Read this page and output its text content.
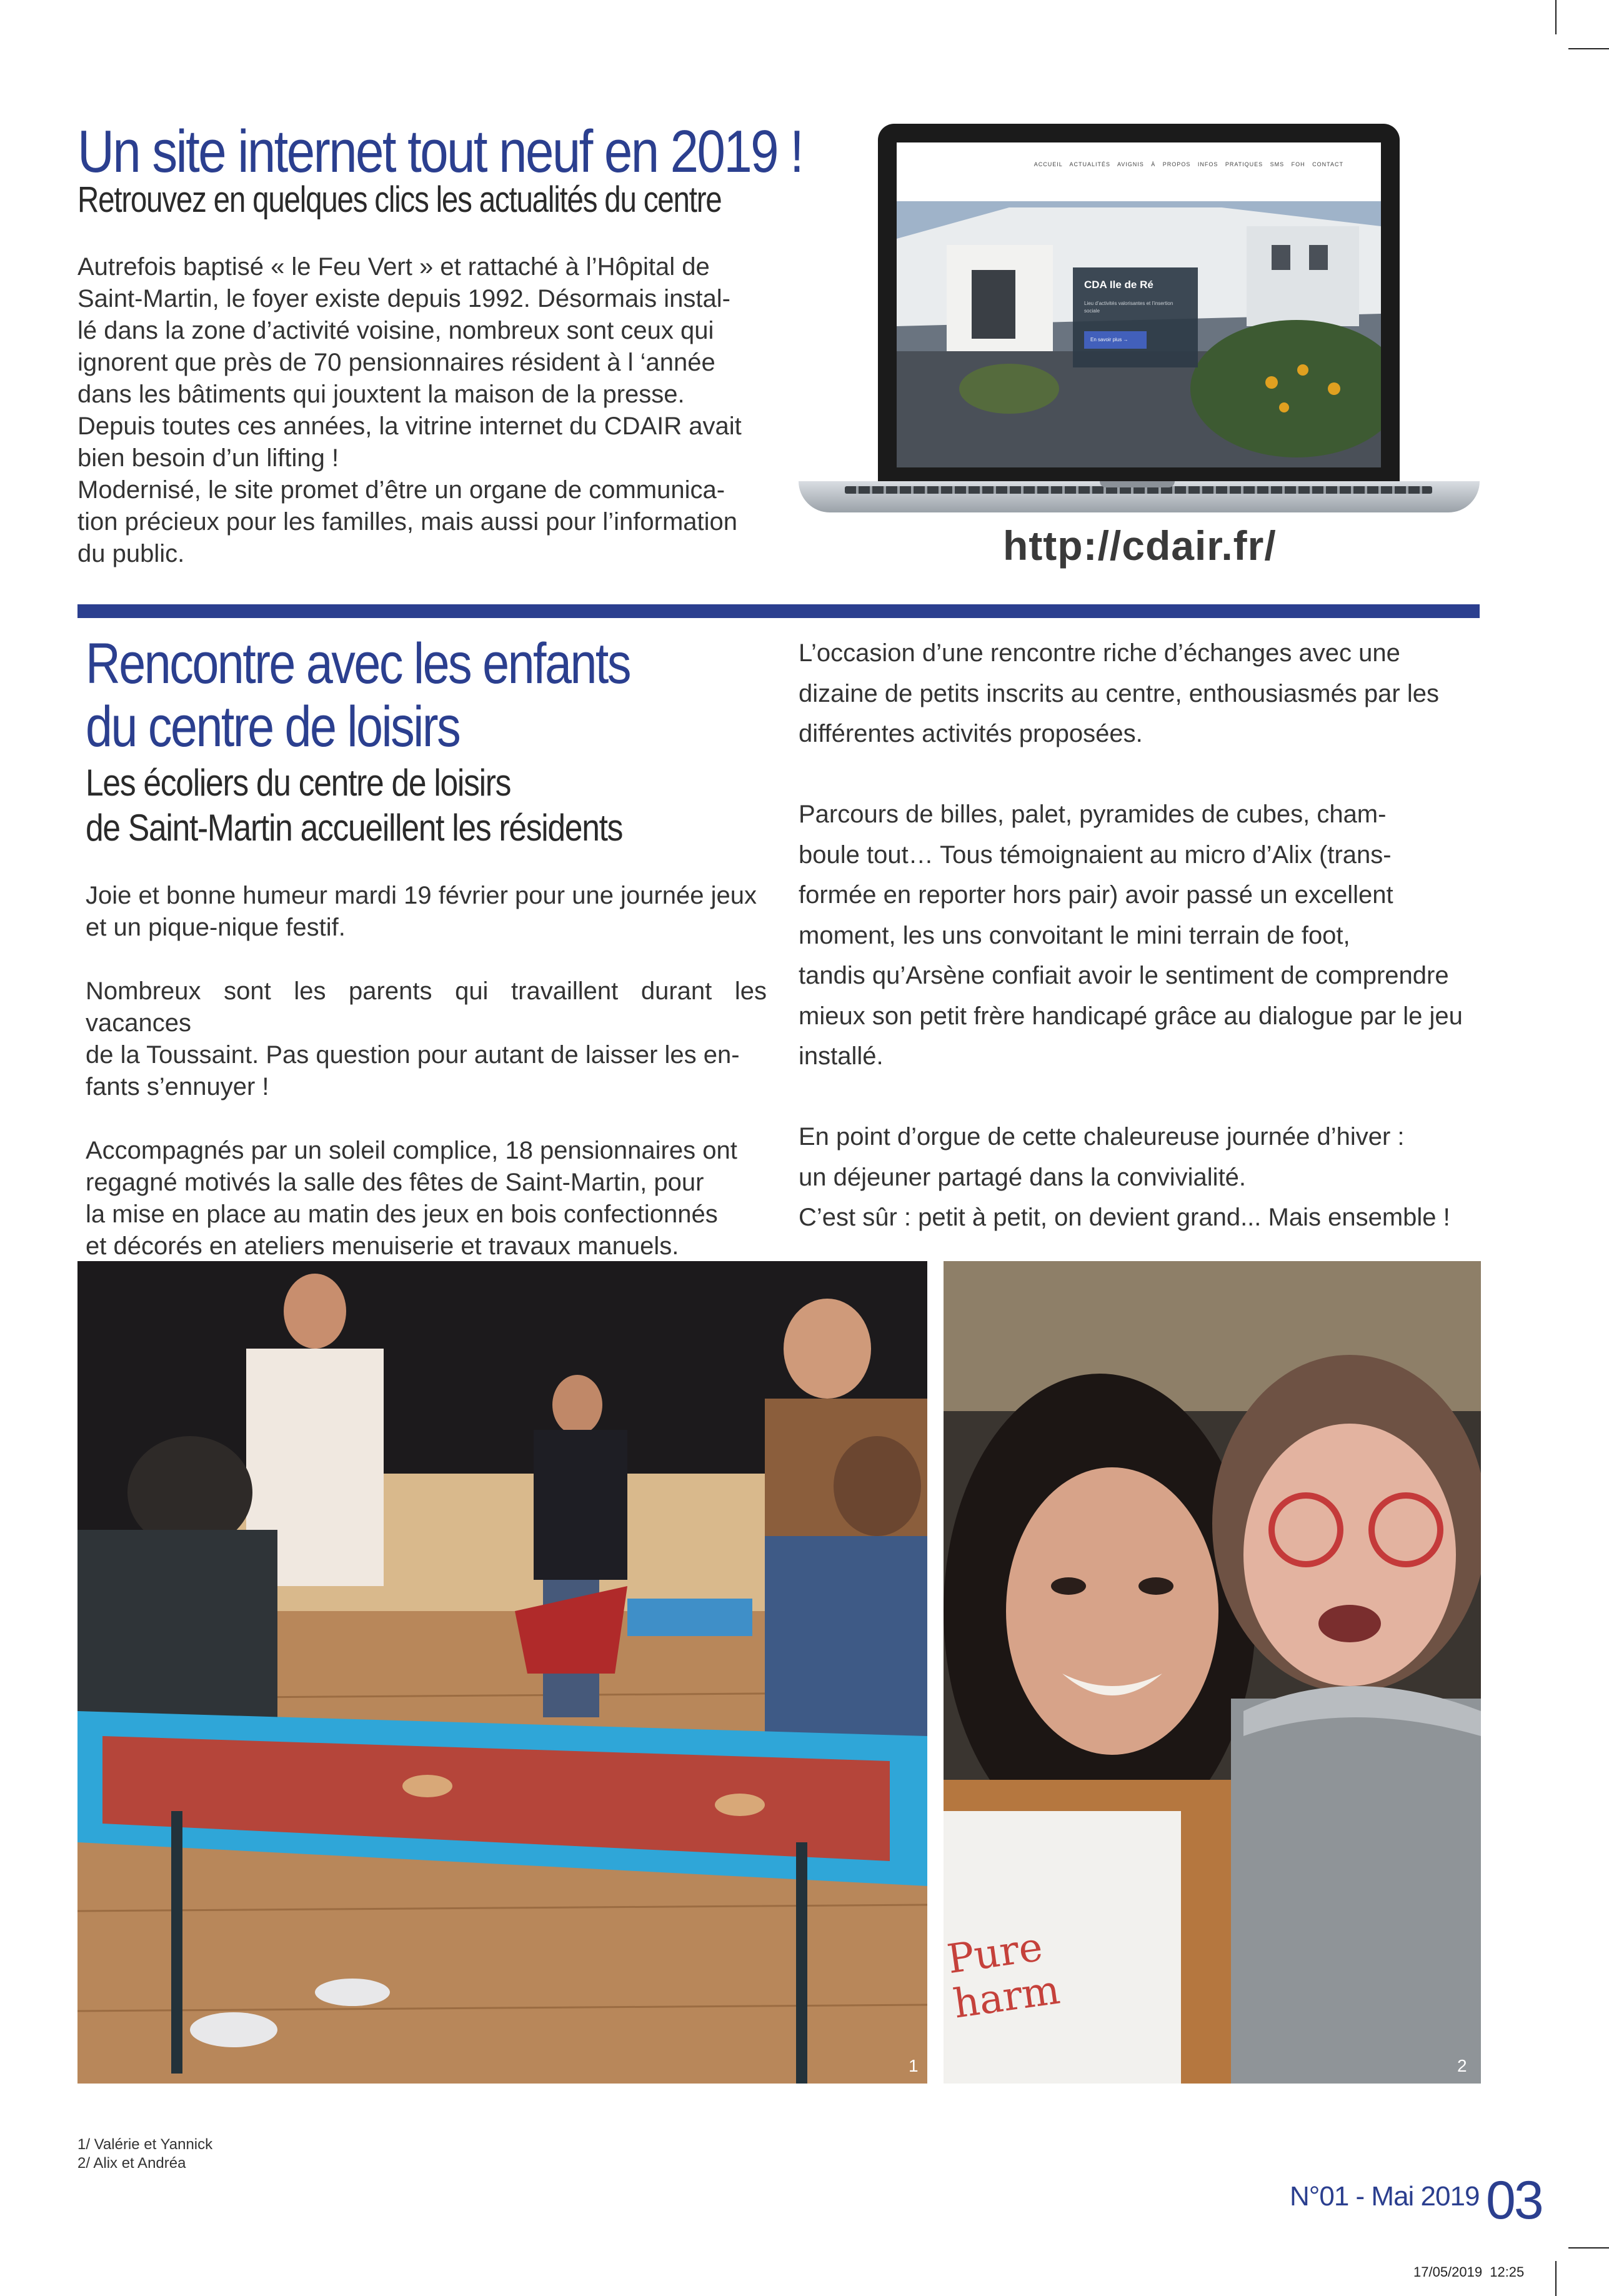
Un site internet tout neuf en 2019 !
Retrouvez en quelques clics les actualités du centre

Autrefois baptisé « le Feu Vert » et rattaché à l’Hôpital de

Saint-Martin, le foyer existe depuis 1992. Désormais instal-

lé dans la zone d’activité voisine, nombreux sont ceux qui

ignorent que près de 70 pensionnaires résident à l ‘année

dans les bâtiments qui jouxtent la maison de la presse.

Depuis toutes ces années, la vitrine internet du CDAIR avait

bien besoin d’un lifting !

Modernisé, le site promet d’être un organe de communica-

tion précieux pour les familles, mais aussi pour l’information

du public.

ACCUEIL ACTUALITÉS AVIGNIS À PROPOS INFOS PRATIQUES SMS FOH CONTACT
CDA Ile de Ré
Lieu d’activités valorisantes et l’insertion sociale
En savoir plus →
http://cdair.fr/
Rencontre avec les enfants
du centre de loisirs
Les écoliers du centre de loisirs
de Saint-Martin accueillent les résidents

Joie et bonne humeur mardi 19 février pour une journée jeux

et un pique-nique festif.

Nombreux sont les parents qui travaillent durant les vacances

de la Toussaint. Pas question pour autant de laisser les en-

fants s’ennuyer !

Accompagnés par un soleil complice, 18 pensionnaires ont

regagné motivés la salle des fêtes de Saint-Martin, pour

la mise en place au matin des jeux en bois confectionnés

et décorés en ateliers menuiserie et travaux manuels.

L’occasion d’une rencontre riche d’échanges avec une

dizaine de petits inscrits au centre, enthousiasmés par les

différentes activités proposées.

Parcours de billes, palet, pyramides de cubes, cham-

boule tout… Tous témoignaient au micro d’Alix (trans-

formée en reporter hors pair) avoir passé un excellent

moment, les uns convoitant le mini terrain de foot,

tandis qu’Arsène confiait avoir le sentiment de comprendre

mieux son petit frère handicapé grâce au dialogue par le jeu

installé.

En point d’orgue de cette chaleureuse journée d’hiver :

un déjeuner partagé dans la convivialité.

C’est sûr : petit à petit, on devient grand... Mais ensemble !

1
Pure harm
2
1/ Valérie et Yannick
2/ Alix et Andréa
N°01 - Mai 2019 03
17/05/2019 12:25
